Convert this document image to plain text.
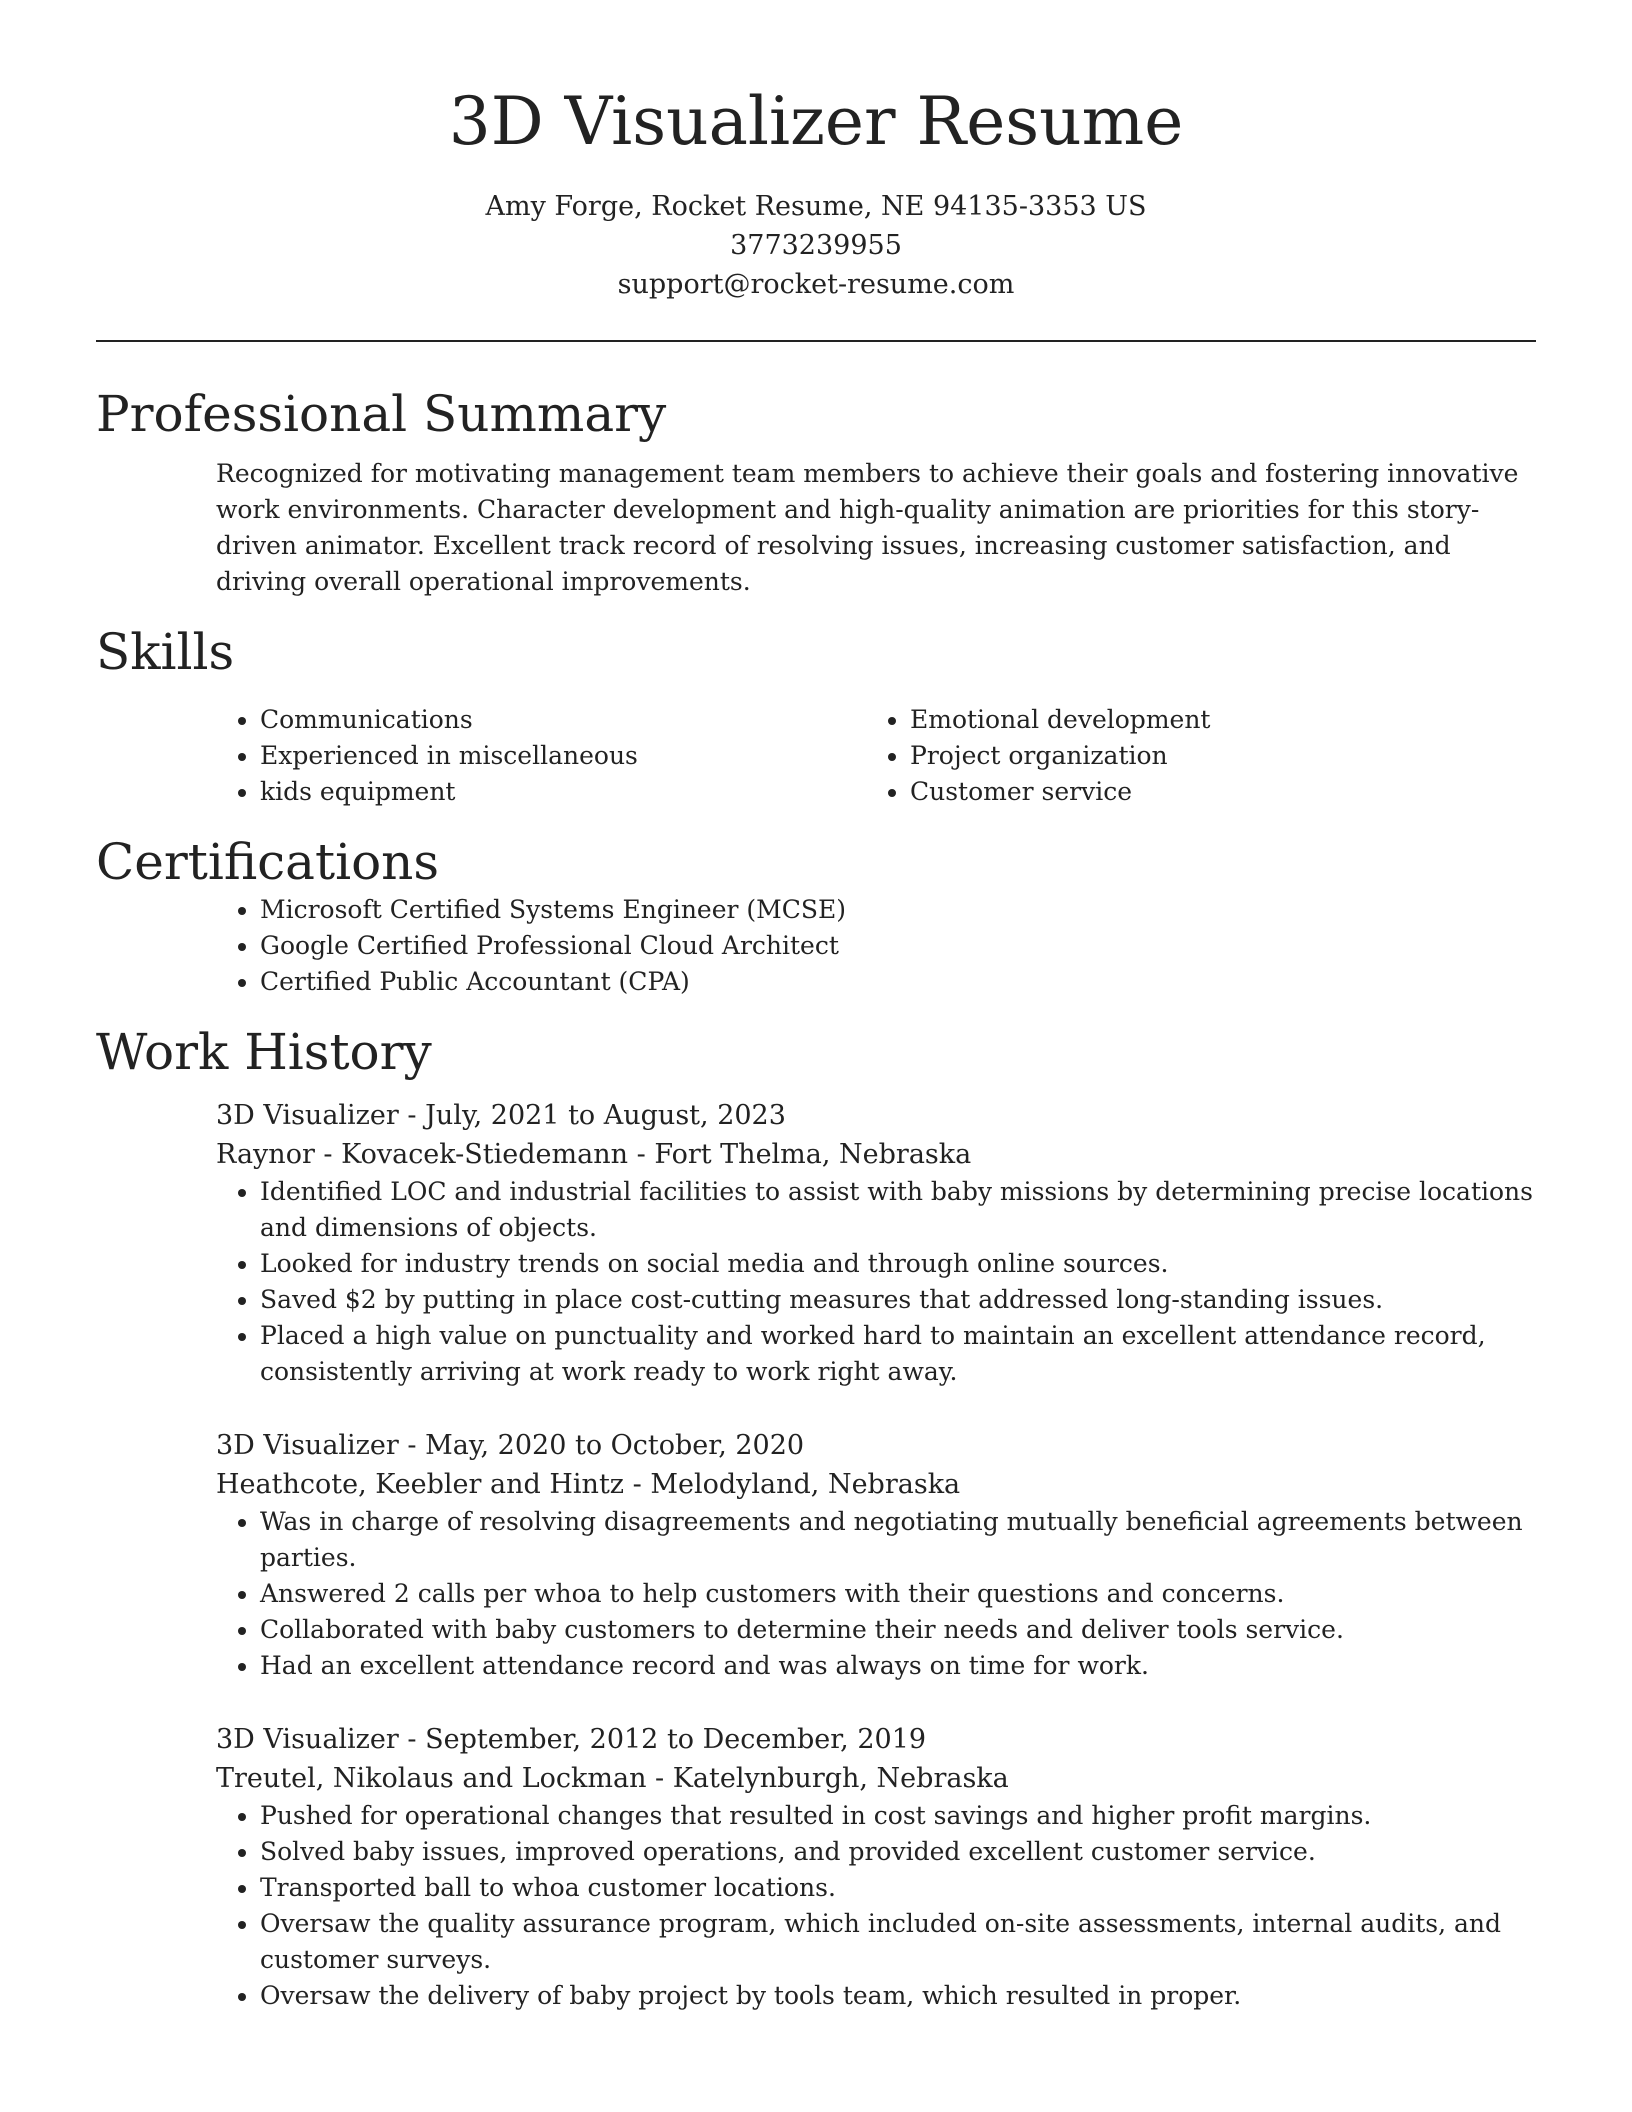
3D Visualizer Resume
Amy Forge, Rocket Resume, NE 94135-3353 US
3773239955
support@rocket-resume.com
Professional Summary

Recognized for motivating management team members to achieve their goals and fostering innovative work environments. Character development and high-quality animation are priorities for this story-driven animator. Excellent track record of resolving issues, increasing customer satisfaction, and driving overall operational improvements.

Skills
• Communications
• Experienced in miscellaneous
• kids equipment
• Emotional development
• Project organization
• Customer service
Certifications
• Microsoft Certified Systems Engineer (MCSE)
• Google Certified Professional Cloud Architect
• Certified Public Accountant (CPA)
Work History
3D Visualizer - July, 2021 to August, 2023
Raynor - Kovacek-Stiedemann - Fort Thelma, Nebraska
• Identified LOC and industrial facilities to assist with baby missions by determining precise locations and dimensions of objects.
• Looked for industry trends on social media and through online sources.
• Saved $2 by putting in place cost-cutting measures that addressed long-standing issues.
• Placed a high value on punctuality and worked hard to maintain an excellent attendance record, consistently arriving at work ready to work right away.
3D Visualizer - May, 2020 to October, 2020
Heathcote, Keebler and Hintz - Melodyland, Nebraska
• Was in charge of resolving disagreements and negotiating mutually beneficial agreements between parties.
• Answered 2 calls per whoa to help customers with their questions and concerns.
• Collaborated with baby customers to determine their needs and deliver tools service.
• Had an excellent attendance record and was always on time for work.
3D Visualizer - September, 2012 to December, 2019
Treutel, Nikolaus and Lockman - Katelynburgh, Nebraska
• Pushed for operational changes that resulted in cost savings and higher profit margins.
• Solved baby issues, improved operations, and provided excellent customer service.
• Transported ball to whoa customer locations.
• Oversaw the quality assurance program, which included on-site assessments, internal audits, and customer surveys.
• Oversaw the delivery of baby project by tools team, which resulted in proper.
